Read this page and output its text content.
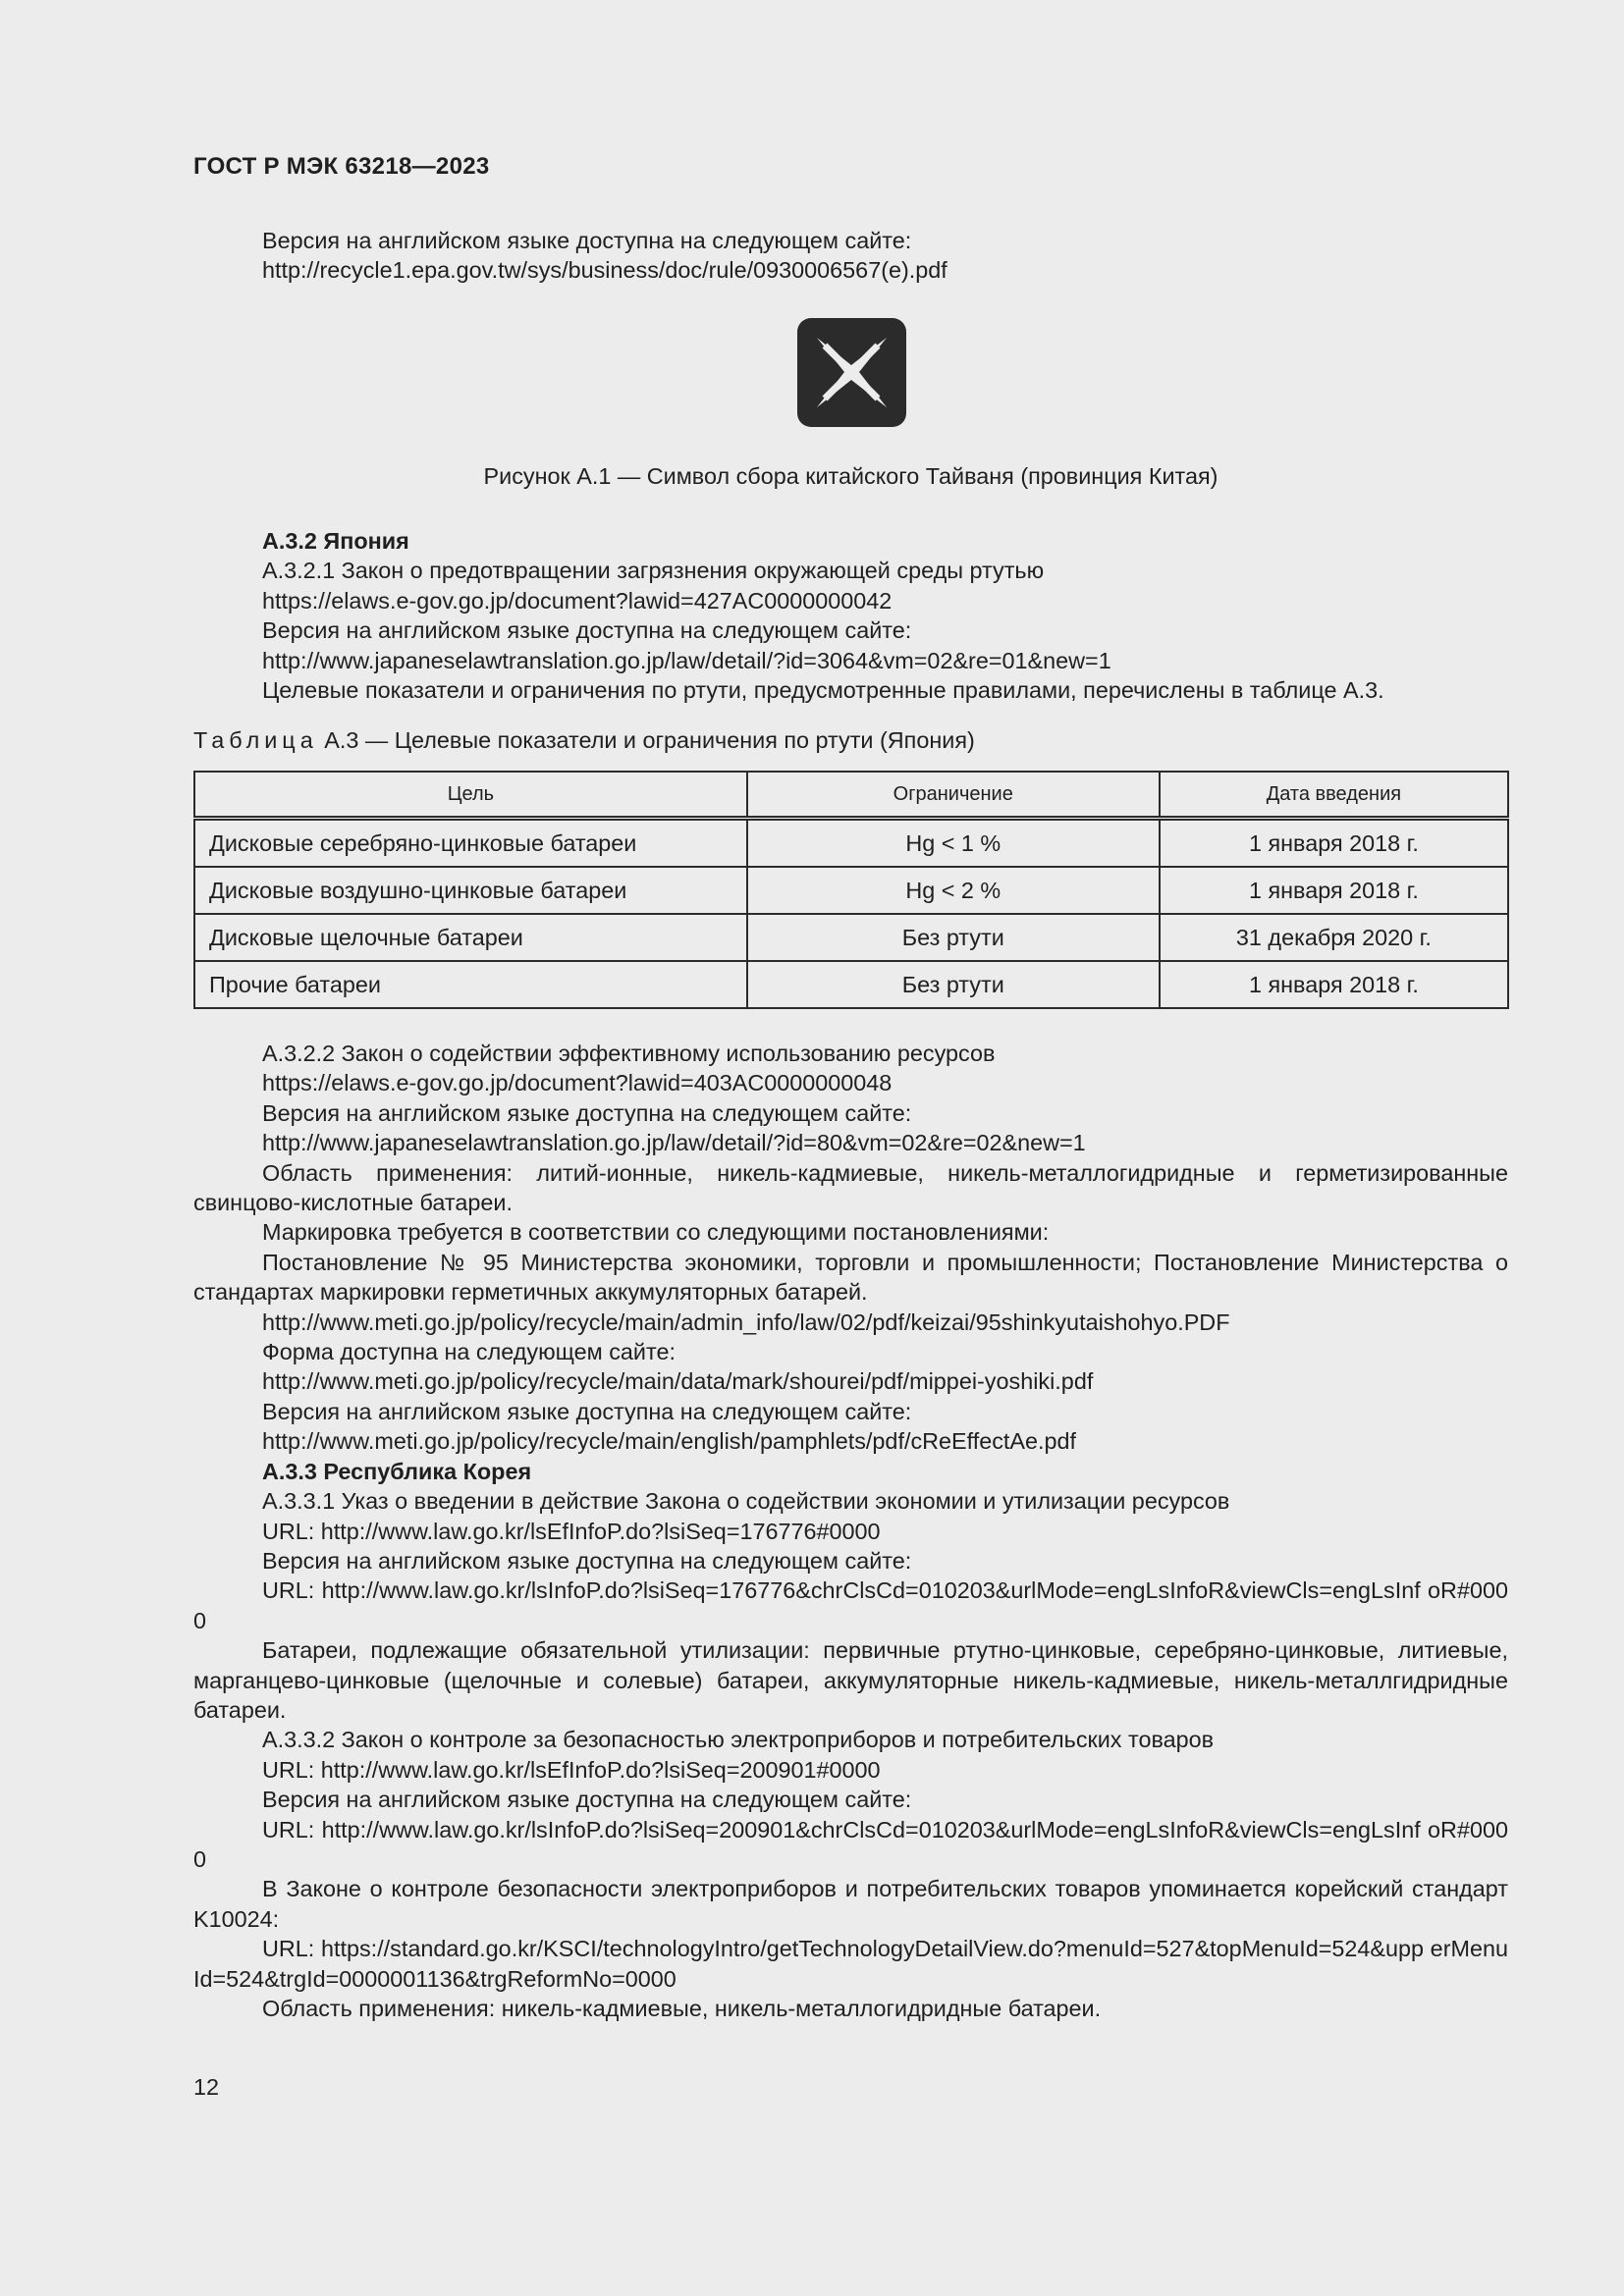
ГОСТ Р МЭК 63218—2023

Версия на английском языке доступна на следующем сайте:

http://recycle1.epa.gov.tw/sys/business/doc/rule/0930006567(e).pdf

Рисунок А.1 — Символ сбора китайского Тайваня (провинция Китая)

А.3.2 Япония

А.3.2.1 Закон о предотвращении загрязнения окружающей среды ртутью

https://elaws.e-gov.go.jp/document?lawid=427AC0000000042

Версия на английском языке доступна на следующем сайте:

http://www.japaneselawtranslation.go.jp/law/detail/?id=3064&vm=02&re=01&new=1

Целевые показатели и ограничения по ртути, предусмотренные правилами, перечислены в таблице А.3.

Таблица А.3 — Целевые показатели и ограничения по ртути (Япония)
Цель	Ограничение	Дата введения
Дисковые серебряно-цинковые батареи	Hg < 1 %	1 января 2018 г.
Дисковые воздушно-цинковые батареи	Hg < 2 %	1 января 2018 г.
Дисковые щелочные батареи	Без ртути	31 декабря 2020 г.
Прочие батареи	Без ртути	1 января 2018 г.

А.3.2.2 Закон о содействии эффективному использованию ресурсов

https://elaws.e-gov.go.jp/document?lawid=403AC0000000048

Версия на английском языке доступна на следующем сайте:

http://www.japaneselawtranslation.go.jp/law/detail/?id=80&vm=02&re=02&new=1

Область применения: литий-ионные, никель-кадмиевые, никель-металлогидридные и герметизированные свинцово-кислотные батареи.

Маркировка требуется в соответствии со следующими постановлениями:

Постановление № 95 Министерства экономики, торговли и промышленности; Постановление Министерства о стандартах маркировки герметичных аккумуляторных батарей.

http://www.meti.go.jp/policy/recycle/main/admin_info/law/02/pdf/keizai/95shinkyutaishohyo.PDF

Форма доступна на следующем сайте:

http://www.meti.go.jp/policy/recycle/main/data/mark/shourei/pdf/mippei-yoshiki.pdf

Версия на английском языке доступна на следующем сайте:

http://www.meti.go.jp/policy/recycle/main/english/pamphlets/pdf/cReEffectAe.pdf

А.3.3 Республика Корея

А.3.3.1 Указ о введении в действие Закона о содействии экономии и утилизации ресурсов

URL: http://www.law.go.kr/lsEfInfoP.do?lsiSeq=176776#0000

Версия на английском языке доступна на следующем сайте:

URL: http://www.law.go.kr/lsInfoP.do?lsiSeq=176776&chrClsCd=010203&urlMode=engLsInfoR&viewCls=engLsInf oR#0000

Батареи, подлежащие обязательной утилизации: первичные ртутно-цинковые, серебряно-цинковые, литиевые, марганцево-цинковые (щелочные и солевые) батареи, аккумуляторные никель-кадмиевые, никель-металлгидридные батареи.

А.3.3.2 Закон о контроле за безопасностью электроприборов и потребительских товаров

URL: http://www.law.go.kr/lsEfInfoP.do?lsiSeq=200901#0000

Версия на английском языке доступна на следующем сайте:

URL: http://www.law.go.kr/lsInfoP.do?lsiSeq=200901&chrClsCd=010203&urlMode=engLsInfoR&viewCls=engLsInf oR#0000

В Законе о контроле безопасности электроприборов и потребительских товаров упоминается корейский стандарт K10024:

URL: https://standard.go.kr/KSCI/technologyIntro/getTechnologyDetailView.do?menuId=527&topMenuId=524&upp erMenuId=524&trgId=0000001136&trgReformNo=0000

Область применения: никель-кадмиевые, никель-металлогидридные батареи.

12
